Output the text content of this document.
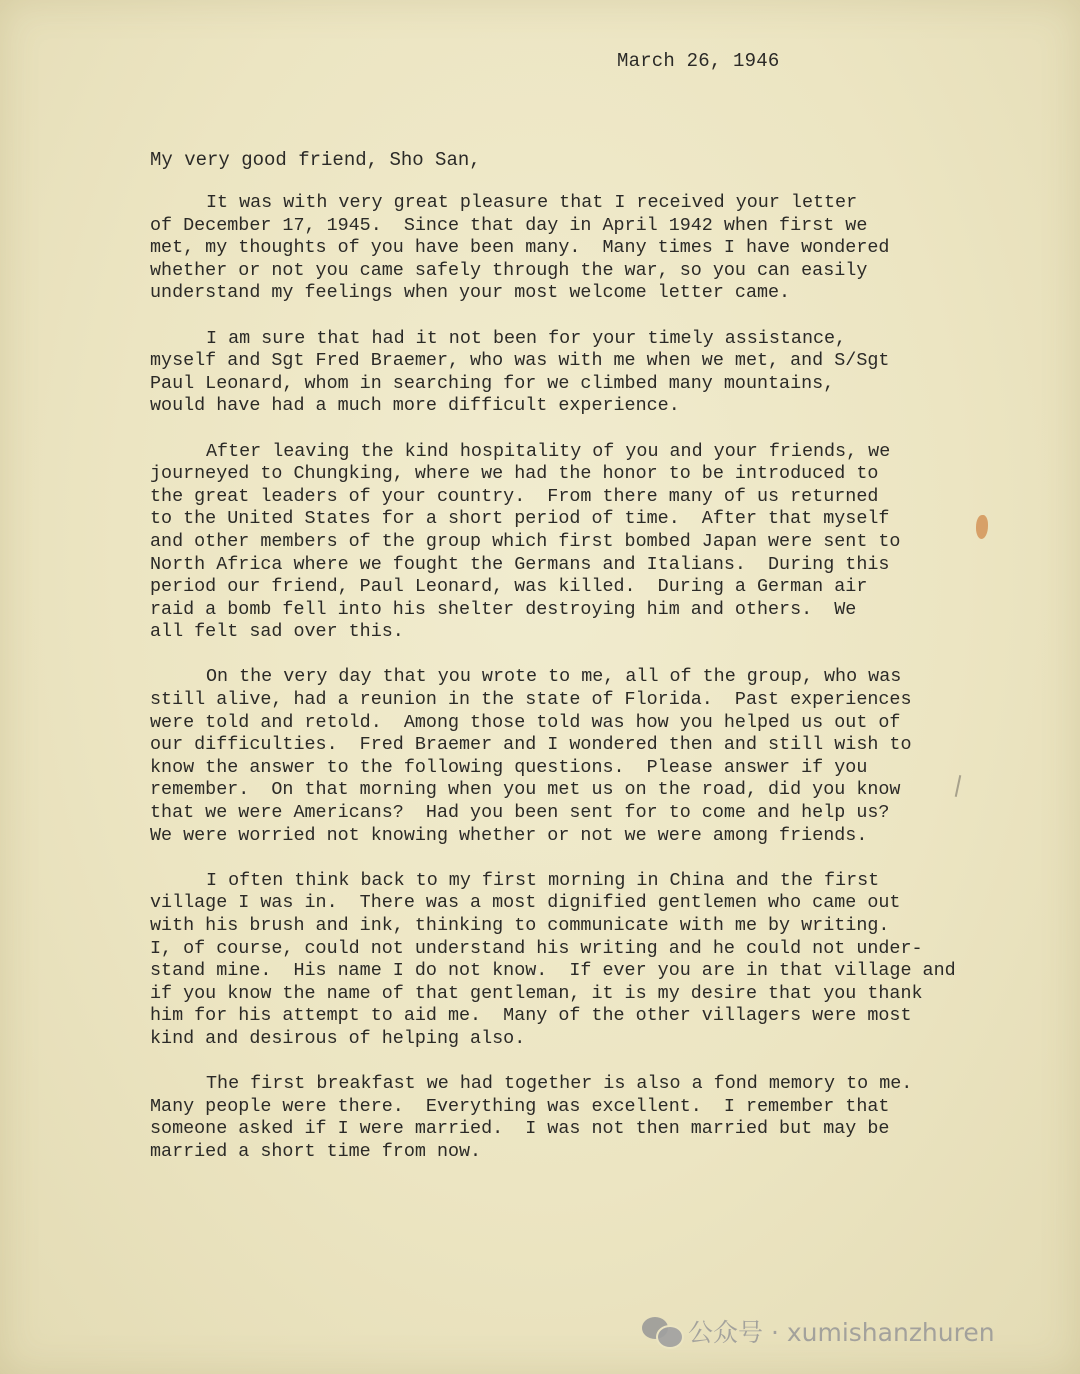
March 26, 1946
My very good friend, Sho San,
It was with very great pleasure that I received your letter
of December 17, 1945.  Since that day in April 1942 when first we
met, my thoughts of you have been many.  Many times I have wondered
whether or not you came safely through the war, so you can easily
understand my feelings when your most welcome letter came.
I am sure that had it not been for your timely assistance,
myself and Sgt Fred Braemer, who was with me when we met, and S/Sgt
Paul Leonard, whom in searching for we climbed many mountains,
would have had a much more difficult experience.
After leaving the kind hospitality of you and your friends, we
journeyed to Chungking, where we had the honor to be introduced to
the great leaders of your country.  From there many of us returned
to the United States for a short period of time.  After that myself
and other members of the group which first bombed Japan were sent to
North Africa where we fought the Germans and Italians.  During this
period our friend, Paul Leonard, was killed.  During a German air
raid a bomb fell into his shelter destroying him and others.  We
all felt sad over this.
On the very day that you wrote to me, all of the group, who was
still alive, had a reunion in the state of Florida.  Past experiences
were told and retold.  Among those told was how you helped us out of
our difficulties.  Fred Braemer and I wondered then and still wish to
know the answer to the following questions.  Please answer if you
remember.  On that morning when you met us on the road, did you know
that we were Americans?  Had you been sent for to come and help us?
We were worried not knowing whether or not we were among friends.
I often think back to my first morning in China and the first
village I was in.  There was a most dignified gentlemen who came out
with his brush and ink, thinking to communicate with me by writing.
I, of course, could not understand his writing and he could not under-
stand mine.  His name I do not know.  If ever you are in that village and
if you know the name of that gentleman, it is my desire that you thank
him for his attempt to aid me.  Many of the other villagers were most
kind and desirous of helping also.
The first breakfast we had together is also a fond memory to me.
Many people were there.  Everything was excellent.  I remember that
someone asked if I were married.  I was not then married but may be
married a short time from now.
公众号 · xumishanzhuren
